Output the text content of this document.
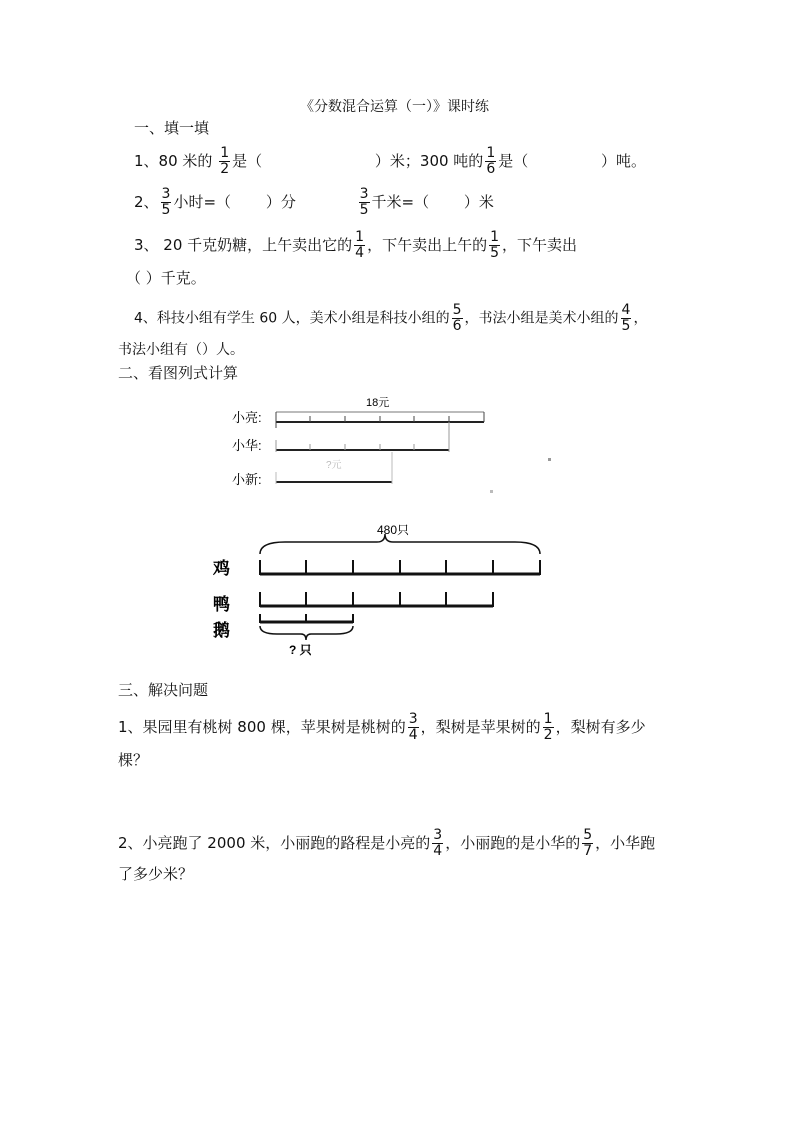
《分数混合运算（一）》课时练
一、填一填
1、80 米的 $\frac{1}{2}$ 是（	）米；300 吨的 $\frac{1}{6}$ 是（	）吨。
2、 $\frac{3}{5}$ 小时=（ ）分	$\frac{3}{5}$ 千米=（ ）米
3、 20 千克奶糖，上午卖出它的 $\frac{1}{4}$ ，下午卖出上午的 $\frac{1}{5}$ ，下午卖出
（ ）千克。
4、科技小组有学生 60 人，美术小组是科技小组的 $\frac{5}{6}$ ，书法小组是美术小组的 $\frac{4}{5}$ ，
书法小组有（）人。
二、看图列式计算
18元
小亮:
小华:
小新:
?元
480只
鸡
鸭
鹅
? 只
三、解决问题
1、果园里有桃树 800 棵，苹果树是桃树的 $\frac{3}{4}$ ，梨树是苹果树的 $\frac{1}{2}$ ，梨树有多少
棵？
2、小亮跑了 2000 米，小丽跑的路程是小亮的 $\frac{3}{4}$ ，小丽跑的是小华的 $\frac{5}{7}$ ，小华跑
了多少米？
